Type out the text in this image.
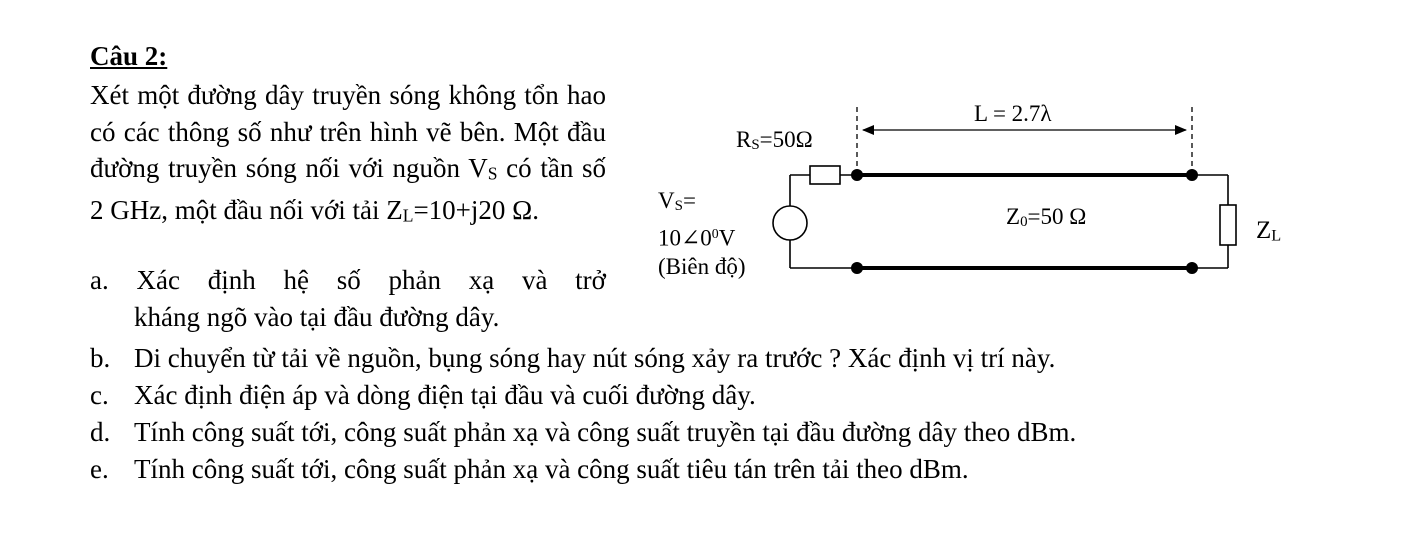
Câu 2:

Xét một đường dây truyền sóng không tổn hao có các thông số như trên hình vẽ bên. Một đầu đường truyền sóng nối với nguồn $V_S$ có tần số 2 GHz, một đầu nối với tải $Z_L=10+j20$ Ω.

a. Xác định hệ số phản xạ và trở
kháng ngõ vào tại đầu đường dây.
b. Di chuyển từ tải về nguồn, bụng sóng hay nút sóng xảy ra trước ? Xác định vị trí này.
c. Xác định điện áp và dòng điện tại đầu và cuối đường dây.
d. Tính công suất tới, công suất phản xạ và công suất truyền tại đầu đường dây theo dBm.
e. Tính công suất tới, công suất phản xạ và công suất tiêu tán trên tải theo dBm.
$R_S=50\Omega$
L = 2.7λ
$V_S=$
$10\angle 0^0V$
(Biên độ)
$Z_0=50$ Ω
$Z_L$
